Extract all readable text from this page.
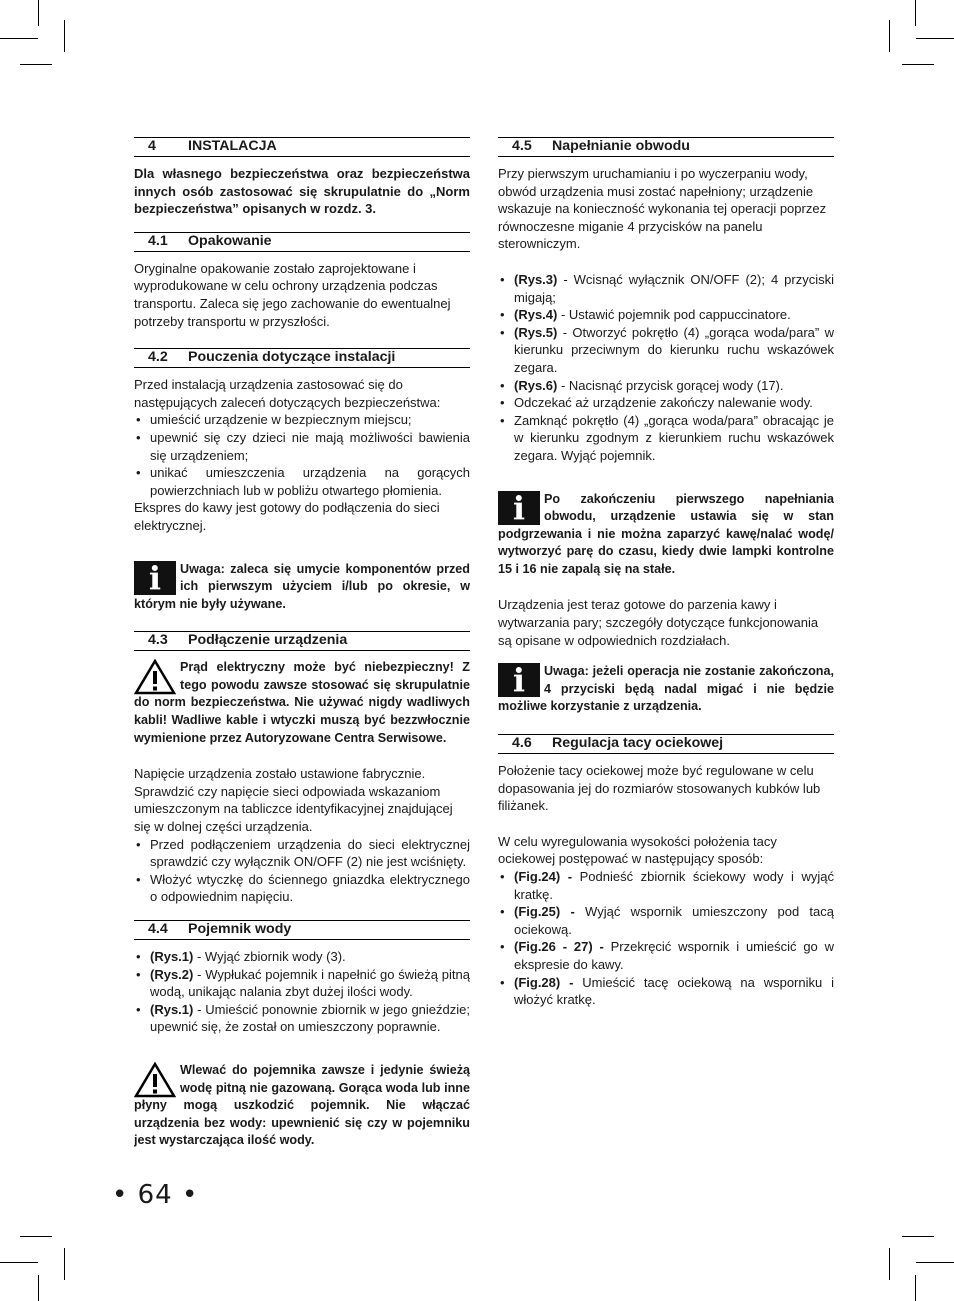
4	INSTALACJA

Dla własnego bezpieczeństwa oraz bezpieczeństwa innych osób zastosować się skrupulatnie do „Norm bezpieczeństwa” opisanych w rozdz. 3.

4.1	Opakowanie

Oryginalne opakowanie zostało zaprojektowane i wyprodukowane w celu ochrony urządzenia podczas transportu. Zaleca się jego zachowanie do ewentualnej potrzeby transportu w przyszłości.

4.2	Pouczenia dotyczące instalacji

Przed instalacją urządzenia zastosować się do następujących zaleceń dotyczących bezpieczeństwa:

• umieścić urządzenie w bezpiecznym miejscu;
• upewnić się czy dzieci nie mają możliwości bawienia się urządzeniem;
• unikać umieszczenia urządzenia na gorących powierzchniach lub w pobliżu otwartego płomienia.

Ekspres do kawy jest gotowy do podłączenia do sieci elektrycznej.

i	Uwaga: zaleca się umycie komponentów przed ich pierwszym użyciem i/lub po okresie, w którym nie były używane.
4.3	Podłączenie urządzenia
Prąd elektryczny może być niebezpieczny! Z tego powodu zawsze stosować się skrupulatnie do norm bezpieczeństwa. Nie używać nigdy wadliwych kabli! Wadliwe kable i wtyczki muszą być bezzwłocznie wymienione przez Autoryzowane Centra Serwisowe.

Napięcie urządzenia zostało ustawione fabrycznie. Sprawdzić czy napięcie sieci odpowiada wskazaniom umieszczonym na tabliczce identyfikacyjnej znajdującej się w dolnej części urządzenia.

• Przed podłączeniem urządzenia do sieci elektrycznej sprawdzić czy wyłącznik ON/OFF (2) nie jest wciśnięty.
• Włożyć wtyczkę do ściennego gniazdka elektrycznego o odpowiednim napięciu.
4.4	Pojemnik wody
• (Rys.1) - Wyjąć zbiornik wody (3).
• (Rys.2) - Wypłukać pojemnik i napełnić go świeżą pitną wodą, unikając nalania zbyt dużej ilości wody.
• (Rys.1) - Umieścić ponownie zbiornik w jego gnieździe; upewnić się, że został on umieszczony poprawnie.
Wlewać do pojemnika zawsze i jedynie świeżą wodę pitną nie gazowaną. Gorąca woda lub inne płyny mogą uszkodzić pojemnik. Nie włączać urządzenia bez wody: upewnienić się czy w pojemniku jest wystarczająca ilość wody.
4.5	Napełnianie obwodu

Przy pierwszym uruchamianiu i po wyczerpaniu wody, obwód urządzenia musi zostać napełniony; urządzenie wskazuje na konieczność wykonania tej operacji poprzez równoczesne miganie 4 przycisków na panelu sterowniczym.

• (Rys.3) - Wcisnąć wyłącznik ON/OFF (2); 4 przyciski migają;
• (Rys.4) - Ustawić pojemnik pod cappuccinatore.
• (Rys.5) - Otworzyć pokrętło (4) „gorąca woda/para” w kierunku przeciwnym do kierunku ruchu wskazówek zegara.
• (Rys.6) - Nacisnąć przycisk gorącej wody (17).
• Odczekać aż urządzenie zakończy nalewanie wody.
• Zamknąć pokrętło (4) „gorąca woda/para” obracając je w kierunku zgodnym z kierunkiem ruchu wskazówek zegara. Wyjąć pojemnik.
i	Po zakończeniu pierwszego napełniania obwodu, urządzenie ustawia się w stan podgrzewania i nie można zaparzyć kawę/nalać wodę/ wytworzyć parę do czasu, kiedy dwie lampki kontrolne 15 i 16 nie zapalą się na stałe.

Urządzenia jest teraz gotowe do parzenia kawy i wytwarzania pary; szczegóły dotyczące funkcjonowania są opisane w odpowiednich rozdziałach.

i	Uwaga: jeżeli operacja nie zostanie zakończona, 4 przyciski będą nadal migać i nie będzie możliwe korzystanie z urządzenia.
4.6	Regulacja tacy ociekowej

Położenie tacy ociekowej może być regulowane w celu dopasowania jej do rozmiarów stosowanych kubków lub filiżanek.

W celu wyregulowania wysokości położenia tacy ociekowej postępować w następujący sposób:

• (Fig.24) - Podnieść zbiornik ściekowy wody i wyjąć kratkę.
• (Fig.25) - Wyjąć wspornik umieszczony pod tacą ociekową.
• (Fig.26 - 27) - Przekręcić wspornik i umieścić go w ekspresie do kawy.
• (Fig.28) - Umieścić tacę ociekową na wsporniku i włożyć kratkę.
• 64 •
